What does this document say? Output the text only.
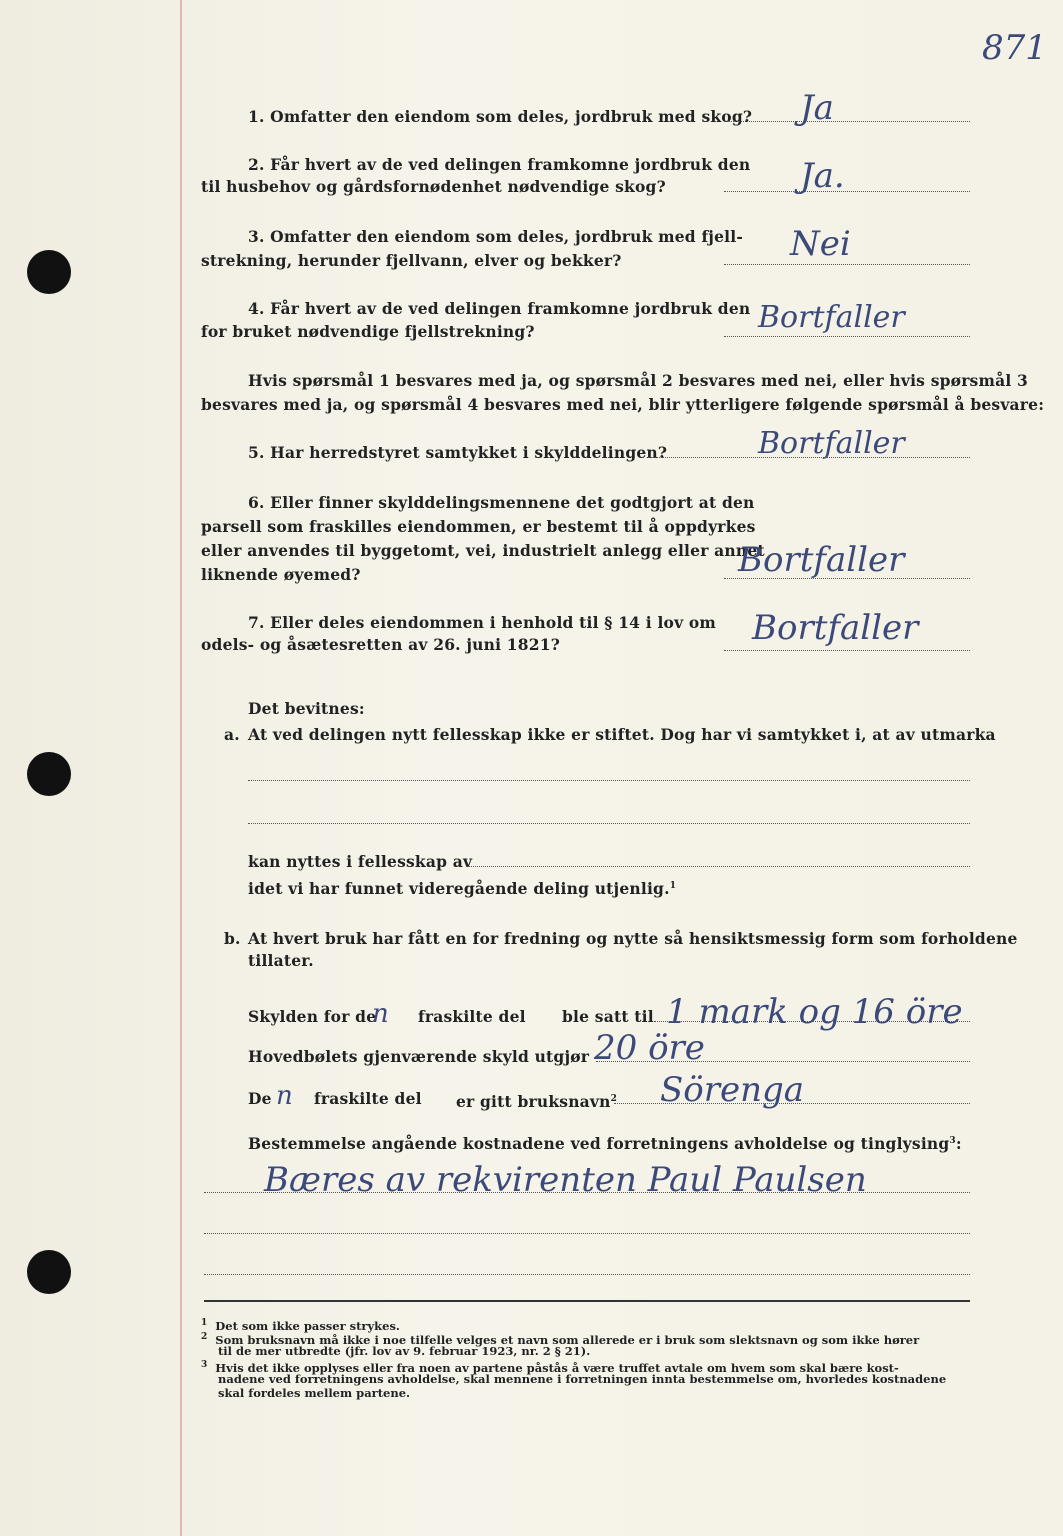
871
1. Omfatter den eiendom som deles, jordbruk med skog? Ja
2. Får hvert av de ved delingen framkomne jordbruk den
til husbehov og gårdsfornødenhet nødvendige skog?	Ja.
3. Omfatter den eiendom som deles, jordbruk med fjell-
strekning, herunder fjellvann, elver og bekker?	Nei
4. Får hvert av de ved delingen framkomne jordbruk den
for bruket nødvendige fjellstrekning?	Bortfaller
Hvis spørsmål 1 besvares med ja, og spørsmål 2 besvares med nei, eller hvis spørsmål 3
besvares med ja, og spørsmål 4 besvares med nei, blir ytterligere følgende spørsmål å besvare:
5. Har herredstyret samtykket i skylddelingen?	Bortfaller
6. Eller finner skylddelingsmennene det godtgjort at den
parsell som fraskilles eiendommen, er bestemt til å oppdyrkes
eller anvendes til byggetomt, vei, industrielt anlegg eller annet
liknende øyemed?	Bortfaller
7. Eller deles eiendommen i henhold til § 14 i lov om
odels- og åsætesretten av 26. juni 1821?	Bortfaller
Det bevitnes:
a. At ved delingen nytt fellesskap ikke er stiftet. Dog har vi samtykket i, at av utmarka
kan nyttes i fellesskap av
idet vi har funnet videregående deling utjenlig.$^1$
b. At hvert bruk har fått en for fredning og nytte så hensiktsmessig form som forholdene
tillater.
Skylden for de
n fraskilte del ble satt til 1 mark og 16 öre
Hovedbølets gjenværende skyld utgjør 20 öre
De n fraskilte del er gitt bruksnavn$^2$ Sörenga
Bestemmelse angående kostnadene ved forretningens avholdelse og tinglysing$^3$:
Bæres av rekvirenten Paul Paulsen
$^1$ Det som ikke passer strykes.
$^2$ Som bruksnavn må ikke i noe tilfelle velges et navn som allerede er i bruk som slektsnavn og som ikke hører
til de mer utbredte (jfr. lov av 9. februar 1923, nr. 2 § 21).
$^3$ Hvis det ikke opplyses eller fra noen av partene påstås å være truffet avtale om hvem som skal bære kost-
nadene ved forretningens avholdelse, skal mennene i forretningen innta bestemmelse om, hvorledes kostnadene
skal fordeles mellem partene.
